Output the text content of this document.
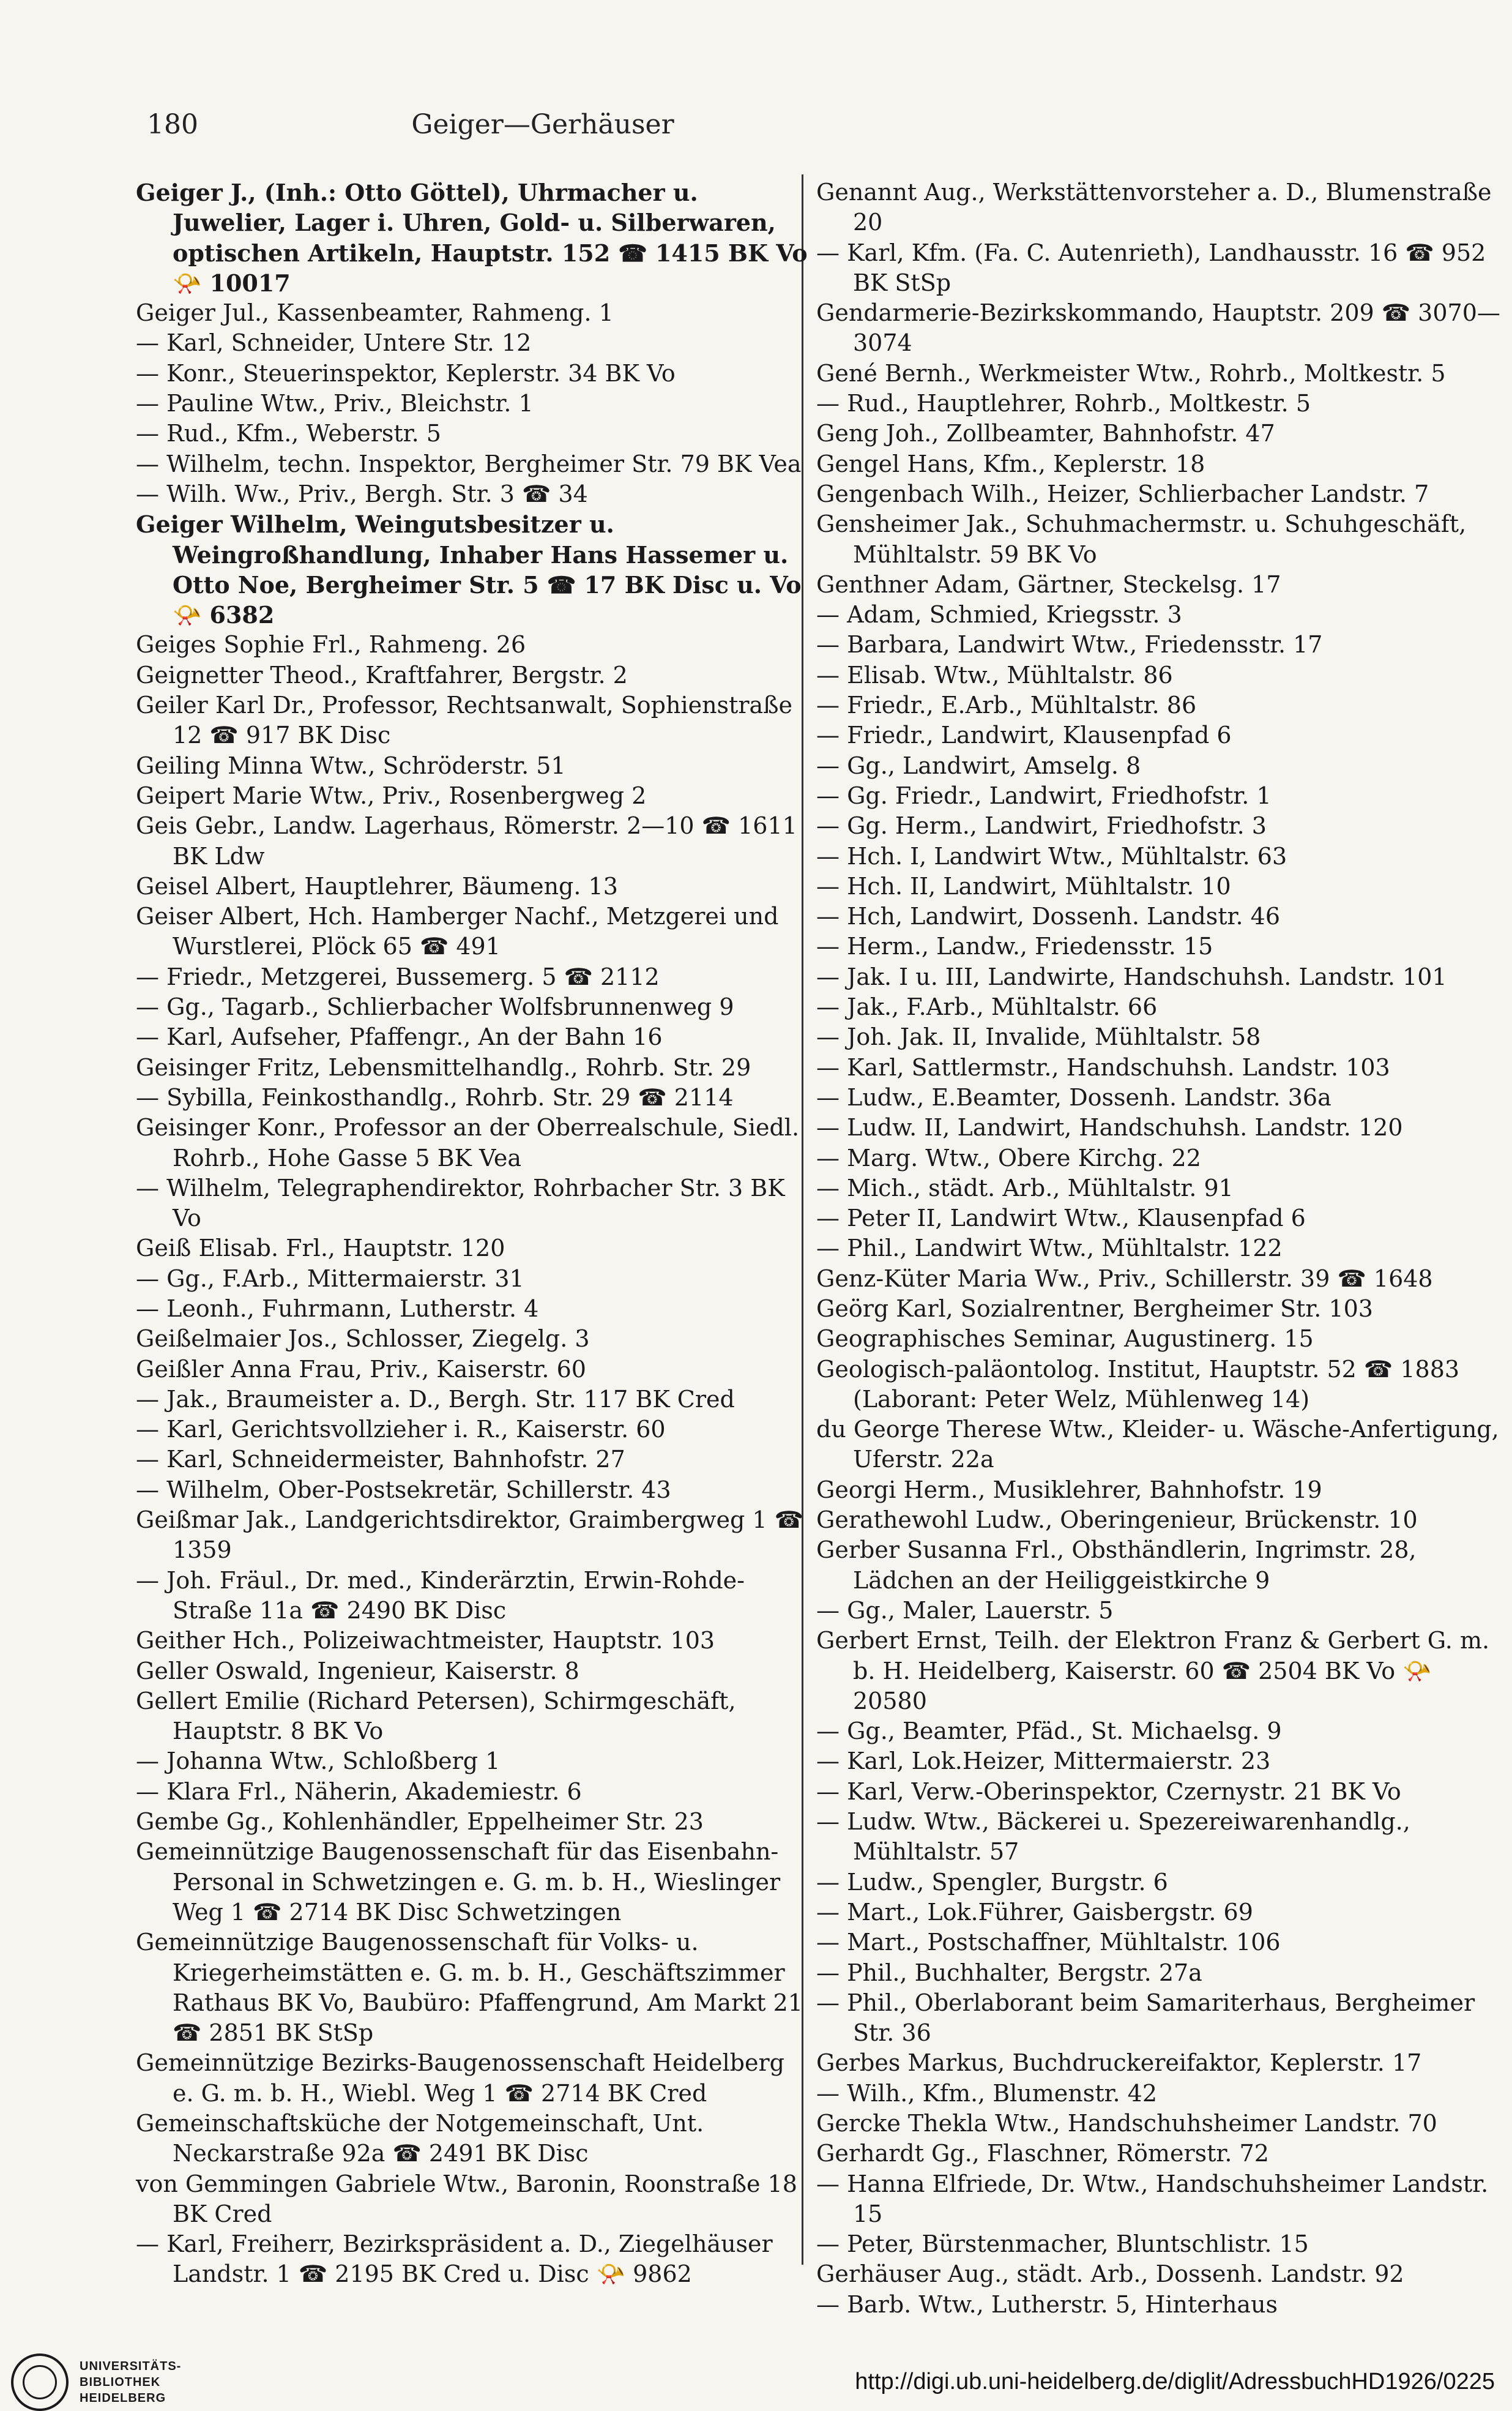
180	Geiger—Gerhäuser

Geiger J., (Inh.: Otto Göttel), Uhrmacher u. Juwelier, Lager i. Uhren, Gold- u. Silberwaren, optischen Artikeln, Hauptstr. 152 ☎ 1415 BK Vo 📯 10017

Geiger Jul., Kassenbeamter, Rahmeng. 1

— Karl, Schneider, Untere Str. 12

— Konr., Steuerinspektor, Keplerstr. 34 BK Vo

— Pauline Wtw., Priv., Bleichstr. 1

— Rud., Kfm., Weberstr. 5

— Wilhelm, techn. Inspektor, Bergheimer Str. 79 BK Vea

— Wilh. Ww., Priv., Bergh. Str. 3 ☎ 34

Geiger Wilhelm, Weingutsbesitzer u. Weingroßhandlung, Inhaber Hans Hassemer u. Otto Noe, Bergheimer Str. 5 ☎ 17 BK Disc u. Vo 📯 6382

Geiges Sophie Frl., Rahmeng. 26

Geignetter Theod., Kraftfahrer, Bergstr. 2

Geiler Karl Dr., Professor, Rechtsanwalt, Sophienstraße 12 ☎ 917 BK Disc

Geiling Minna Wtw., Schröderstr. 51

Geipert Marie Wtw., Priv., Rosenbergweg 2

Geis Gebr., Landw. Lagerhaus, Römerstr. 2—10 ☎ 1611 BK Ldw

Geisel Albert, Hauptlehrer, Bäumeng. 13

Geiser Albert, Hch. Hamberger Nachf., Metzgerei und Wurstlerei, Plöck 65 ☎ 491

— Friedr., Metzgerei, Bussemerg. 5 ☎ 2112

— Gg., Tagarb., Schlierbacher Wolfsbrunnenweg 9

— Karl, Aufseher, Pfaffengr., An der Bahn 16

Geisinger Fritz, Lebensmittelhandlg., Rohrb. Str. 29

— Sybilla, Feinkosthandlg., Rohrb. Str. 29 ☎ 2114

Geisinger Konr., Professor an der Oberrealschule, Siedl. Rohrb., Hohe Gasse 5 BK Vea

— Wilhelm, Telegraphendirektor, Rohrbacher Str. 3 BK Vo

Geiß Elisab. Frl., Hauptstr. 120

— Gg., F.Arb., Mittermaierstr. 31

— Leonh., Fuhrmann, Lutherstr. 4

Geißelmaier Jos., Schlosser, Ziegelg. 3

Geißler Anna Frau, Priv., Kaiserstr. 60

— Jak., Braumeister a. D., Bergh. Str. 117 BK Cred

— Karl, Gerichtsvollzieher i. R., Kaiserstr. 60

— Karl, Schneidermeister, Bahnhofstr. 27

— Wilhelm, Ober-Postsekretär, Schillerstr. 43

Geißmar Jak., Landgerichtsdirektor, Graimbergweg 1 ☎ 1359

— Joh. Fräul., Dr. med., Kinderärztin, Erwin-Rohde-Straße 11a ☎ 2490 BK Disc

Geither Hch., Polizeiwachtmeister, Hauptstr. 103

Geller Oswald, Ingenieur, Kaiserstr. 8

Gellert Emilie (Richard Petersen), Schirmgeschäft, Hauptstr. 8 BK Vo

— Johanna Wtw., Schloßberg 1

— Klara Frl., Näherin, Akademiestr. 6

Gembe Gg., Kohlenhändler, Eppelheimer Str. 23

Gemeinnützige Baugenossenschaft für das Eisenbahn-Personal in Schwetzingen e. G. m. b. H., Wieslinger Weg 1 ☎ 2714 BK Disc Schwetzingen

Gemeinnützige Baugenossenschaft für Volks- u. Kriegerheimstätten e. G. m. b. H., Geschäftszimmer Rathaus BK Vo, Baubüro: Pfaffengrund, Am Markt 21 ☎ 2851 BK StSp

Gemeinnützige Bezirks-Baugenossenschaft Heidelberg e. G. m. b. H., Wiebl. Weg 1 ☎ 2714 BK Cred

Gemeinschaftsküche der Notgemeinschaft, Unt. Neckarstraße 92a ☎ 2491 BK Disc

von Gemmingen Gabriele Wtw., Baronin, Roonstraße 18 BK Cred

— Karl, Freiherr, Bezirkspräsident a. D., Ziegelhäuser Landstr. 1 ☎ 2195 BK Cred u. Disc 📯 9862

Genannt Aug., Werkstättenvorsteher a. D., Blumenstraße 20

— Karl, Kfm. (Fa. C. Autenrieth), Landhausstr. 16 ☎ 952 BK StSp

Gendarmerie-Bezirkskommando, Hauptstr. 209 ☎ 3070—3074

Gené Bernh., Werkmeister Wtw., Rohrb., Moltkestr. 5

— Rud., Hauptlehrer, Rohrb., Moltkestr. 5

Geng Joh., Zollbeamter, Bahnhofstr. 47

Gengel Hans, Kfm., Keplerstr. 18

Gengenbach Wilh., Heizer, Schlierbacher Landstr. 7

Gensheimer Jak., Schuhmachermstr. u. Schuhgeschäft, Mühltalstr. 59 BK Vo

Genthner Adam, Gärtner, Steckelsg. 17

— Adam, Schmied, Kriegsstr. 3

— Barbara, Landwirt Wtw., Friedensstr. 17

— Elisab. Wtw., Mühltalstr. 86

— Friedr., E.Arb., Mühltalstr. 86

— Friedr., Landwirt, Klausenpfad 6

— Gg., Landwirt, Amselg. 8

— Gg. Friedr., Landwirt, Friedhofstr. 1

— Gg. Herm., Landwirt, Friedhofstr. 3

— Hch. I, Landwirt Wtw., Mühltalstr. 63

— Hch. II, Landwirt, Mühltalstr. 10

— Hch, Landwirt, Dossenh. Landstr. 46

— Herm., Landw., Friedensstr. 15

— Jak. I u. III, Landwirte, Handschuhsh. Landstr. 101

— Jak., F.Arb., Mühltalstr. 66

— Joh. Jak. II, Invalide, Mühltalstr. 58

— Karl, Sattlermstr., Handschuhsh. Landstr. 103

— Ludw., E.Beamter, Dossenh. Landstr. 36a

— Ludw. II, Landwirt, Handschuhsh. Landstr. 120

— Marg. Wtw., Obere Kirchg. 22

— Mich., städt. Arb., Mühltalstr. 91

— Peter II, Landwirt Wtw., Klausenpfad 6

— Phil., Landwirt Wtw., Mühltalstr. 122

Genz-Küter Maria Ww., Priv., Schillerstr. 39 ☎ 1648

Geörg Karl, Sozialrentner, Bergheimer Str. 103

Geographisches Seminar, Augustinerg. 15

Geologisch-paläontolog. Institut, Hauptstr. 52 ☎ 1883 (Laborant: Peter Welz, Mühlenweg 14)

du George Therese Wtw., Kleider- u. Wäsche-Anfertigung, Uferstr. 22a

Georgi Herm., Musiklehrer, Bahnhofstr. 19

Gerathewohl Ludw., Oberingenieur, Brückenstr. 10

Gerber Susanna Frl., Obsthändlerin, Ingrimstr. 28, Lädchen an der Heiliggeistkirche 9

— Gg., Maler, Lauerstr. 5

Gerbert Ernst, Teilh. der Elektron Franz & Gerbert G. m. b. H. Heidelberg, Kaiserstr. 60 ☎ 2504 BK Vo 📯 20580

— Gg., Beamter, Pfäd., St. Michaelsg. 9

— Karl, Lok.Heizer, Mittermaierstr. 23

— Karl, Verw.-Oberinspektor, Czernystr. 21 BK Vo

— Ludw. Wtw., Bäckerei u. Spezereiwarenhandlg., Mühltalstr. 57

— Ludw., Spengler, Burgstr. 6

— Mart., Lok.Führer, Gaisbergstr. 69

— Mart., Postschaffner, Mühltalstr. 106

— Phil., Buchhalter, Bergstr. 27a

— Phil., Oberlaborant beim Samariterhaus, Bergheimer Str. 36

Gerbes Markus, Buchdruckereifaktor, Keplerstr. 17

— Wilh., Kfm., Blumenstr. 42

Gercke Thekla Wtw., Handschuhsheimer Landstr. 70

Gerhardt Gg., Flaschner, Römerstr. 72

— Hanna Elfriede, Dr. Wtw., Handschuhsheimer Landstr. 15

— Peter, Bürstenmacher, Bluntschlistr. 15

Gerhäuser Aug., städt. Arb., Dossenh. Landstr. 92

— Barb. Wtw., Lutherstr. 5, Hinterhaus

UNIVERSITÄTS-
BIBLIOTHEK
HEIDELBERG
http://digi.ub.uni-heidelberg.de/diglit/AdressbuchHD1926/0225
